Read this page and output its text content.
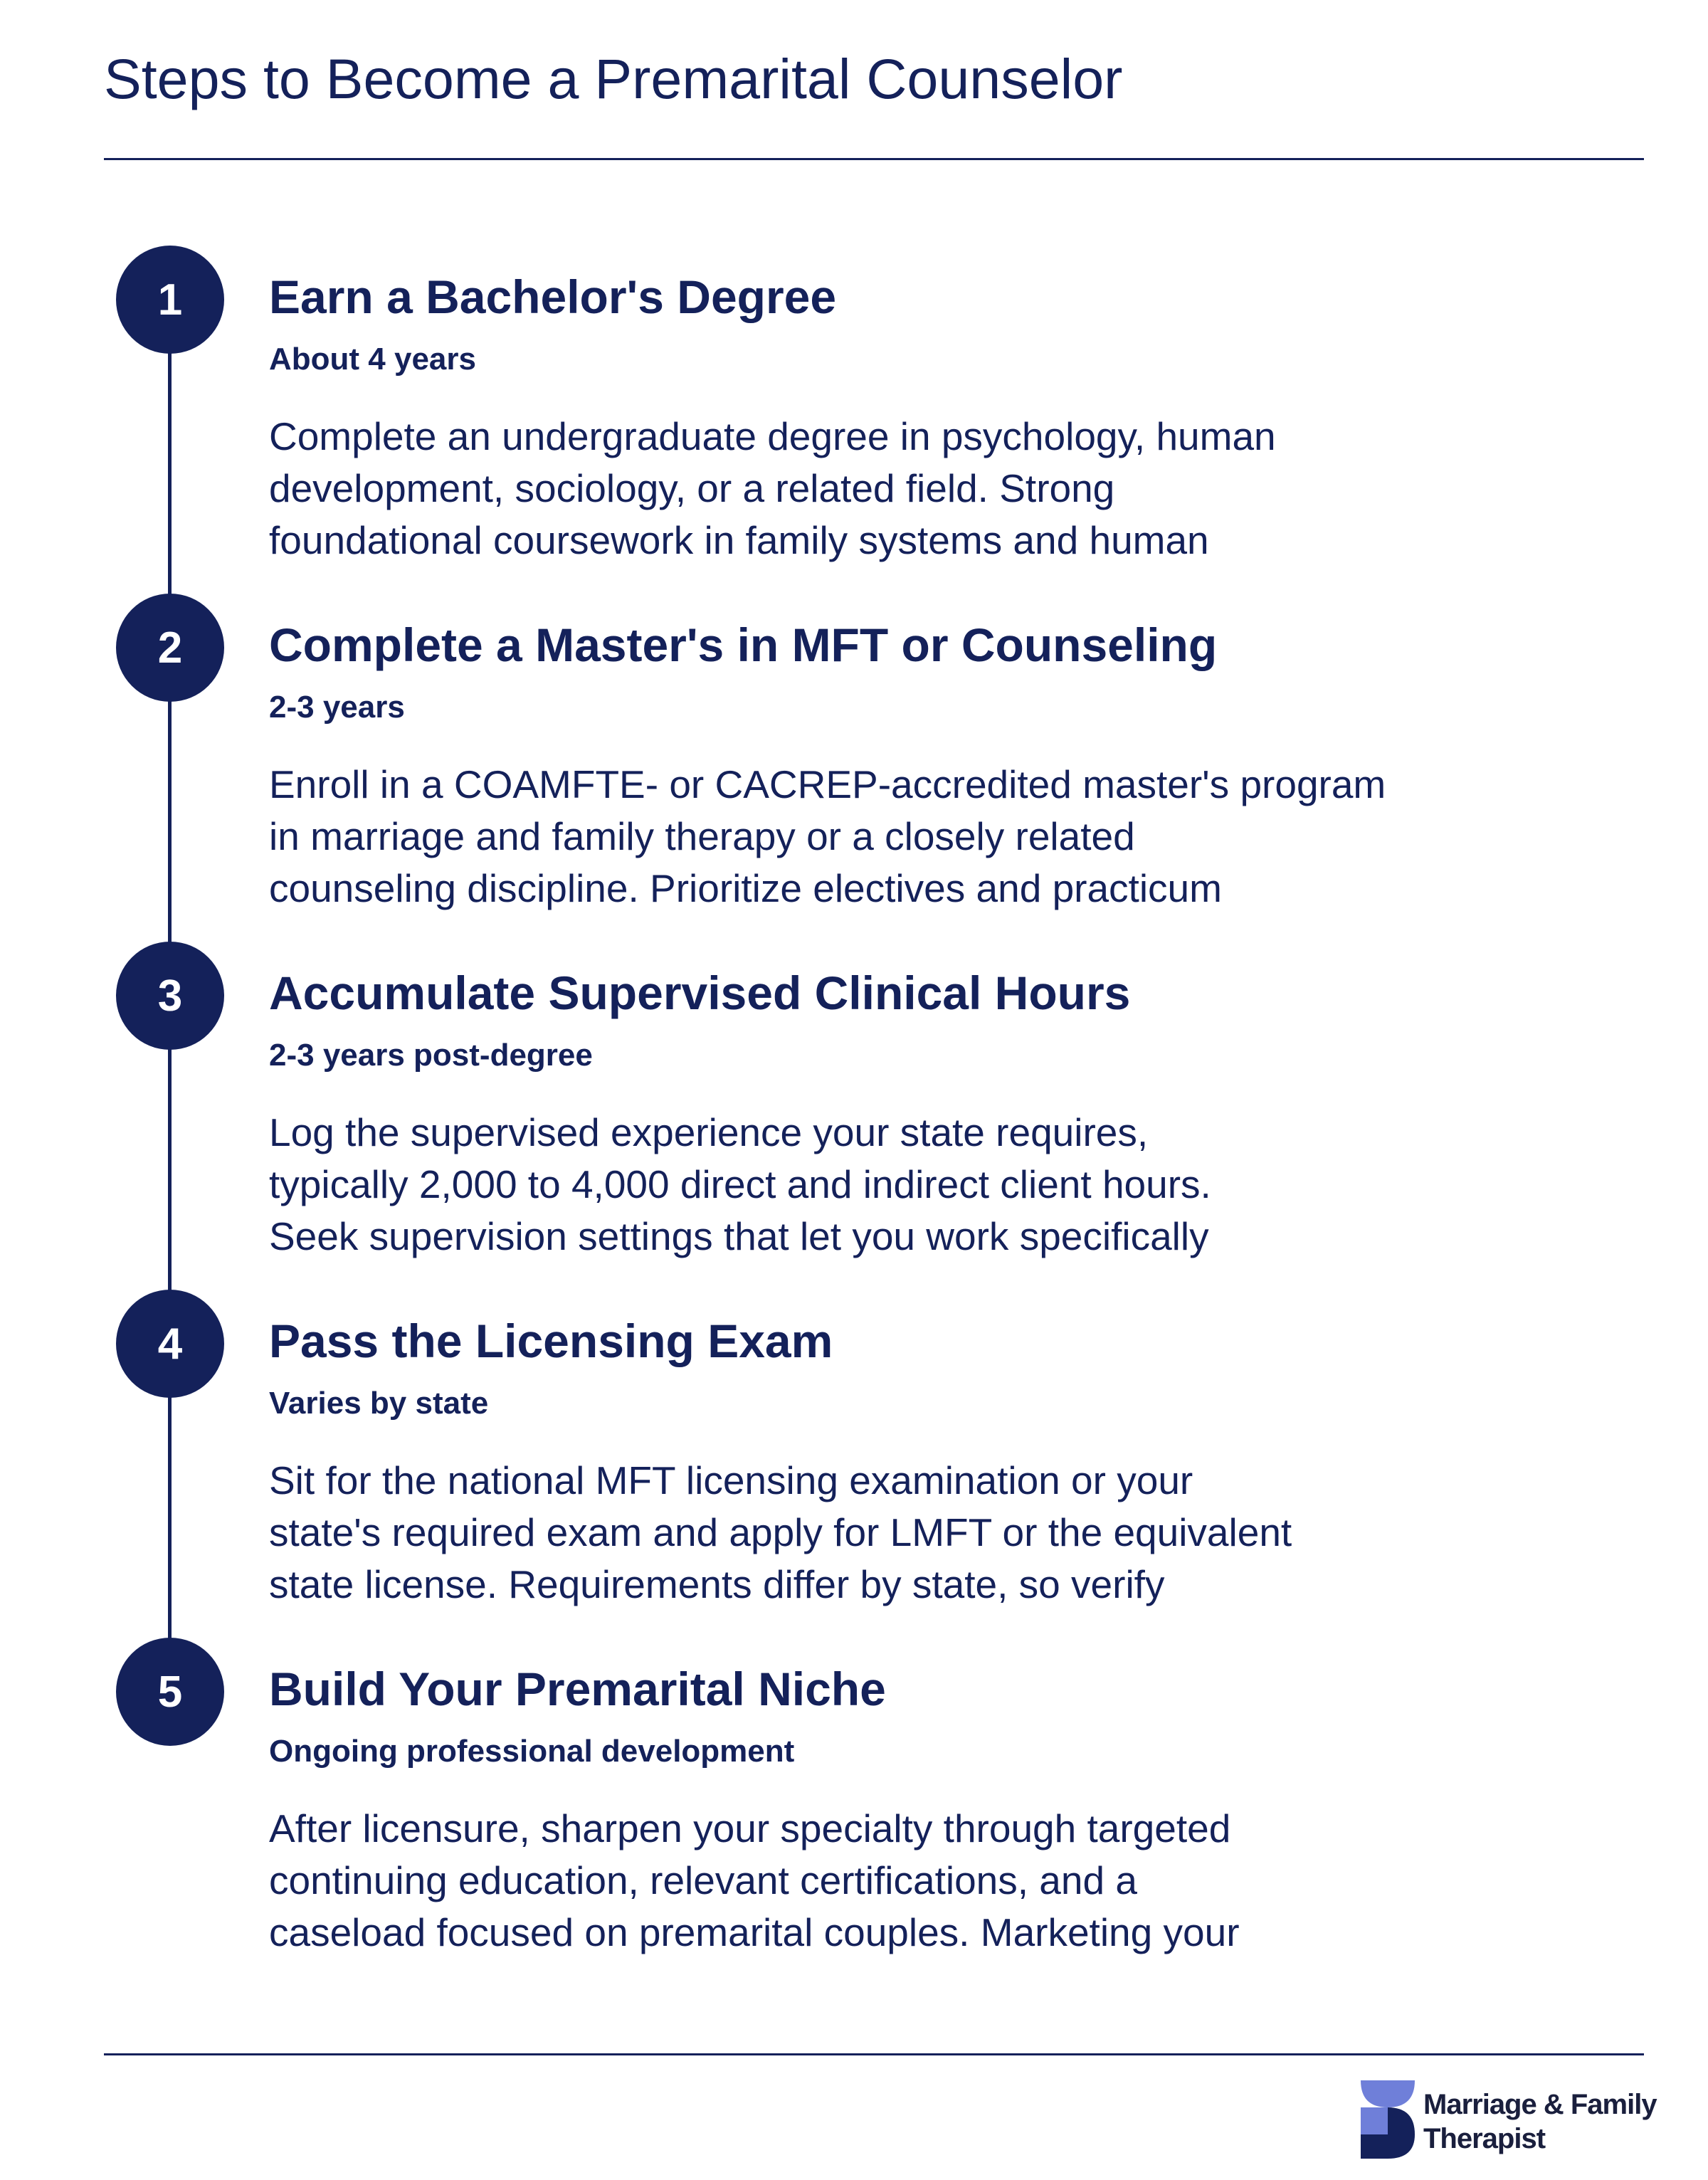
Steps to Become a Premarital Counselor
1	Earn a Bachelor's Degree
About 4 years
Complete an undergraduate degree in psychology, human
development, sociology, or a related field. Strong
foundational coursework in family systems and human
2	Complete a Master's in MFT or Counseling
2-3 years
Enroll in a COAMFTE- or CACREP-accredited master's program
in marriage and family therapy or a closely related
counseling discipline. Prioritize electives and practicum
3	Accumulate Supervised Clinical Hours
2-3 years post-degree
Log the supervised experience your state requires,
typically 2,000 to 4,000 direct and indirect client hours.
Seek supervision settings that let you work specifically
4	Pass the Licensing Exam
Varies by state
Sit for the national MFT licensing examination or your
state's required exam and apply for LMFT or the equivalent
state license. Requirements differ by state, so verify
5	Build Your Premarital Niche
Ongoing professional development
After licensure, sharpen your specialty through targeted
continuing education, relevant certifications, and a
caseload focused on premarital couples. Marketing your
Marriage & Family
Therapist
